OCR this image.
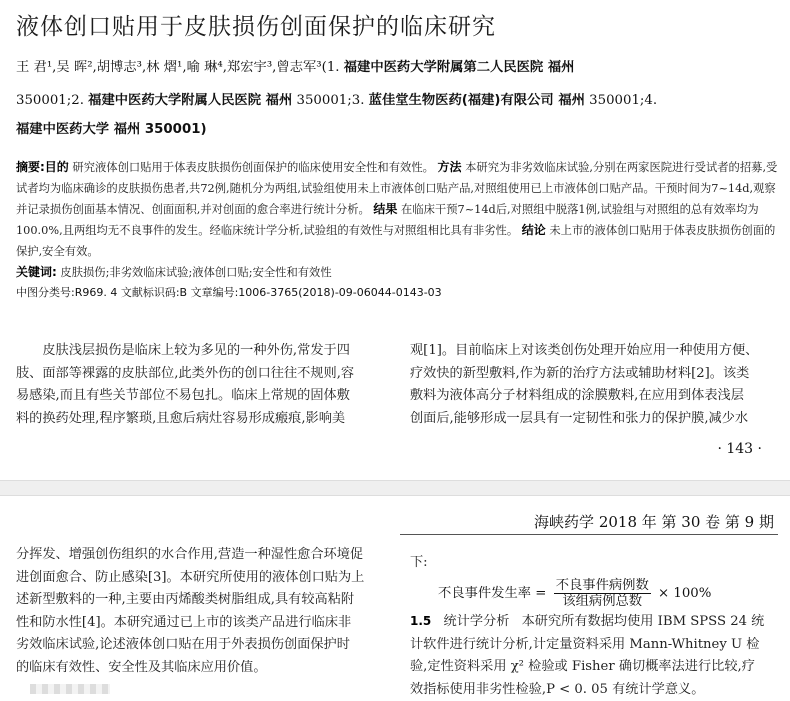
液体创口贴用于皮肤损伤创面保护的临床研究
王 君¹,吴 晖²,胡博志³,林 熠¹,喻 琳⁴,郑宏宇³,曾志军³(1. 福建中医药大学附属第二人民医院 福州
350001;2. 福建中医药大学附属人民医院 福州 350001;3. 蓝佳堂生物医药(福建)有限公司 福州 350001;4.
福建中医药大学 福州 350001)
摘要:目的 研究液体创口贴用于体表皮肤损伤创面保护的临床使用安全性和有效性。 方法 本研究为非劣效临床试验,分别在两家医院进行受试者的招募,受试者均为临床确诊的皮肤损伤患者,共72例,随机分为两组,试验组使用未上市液体创口贴产品,对照组使用已上市液体创口贴产品。干预时间为7~14d,观察并记录损伤创面基本情况、创面面积,并对创面的愈合率进行统计分析。 结果 在临床干预7~14d后,对照组中脱落1例,试验组与对照组的总有效率均为100.0%,且两组均无不良事件的发生。经临床统计学分析,试验组的有效性与对照组相比具有非劣性。 结论 未上市的液体创口贴用于体表皮肤损伤创面的保护,安全有效。
关键词: 皮肤损伤;非劣效临床试验;液体创口贴;安全性和有效性
中图分类号:R969. 4 文献标识码:B 文章编号:1006-3765(2018)-09-06044-0143-03
　　皮肤浅层损伤是临床上较为多见的一种外伤,常发于四
肢、面部等裸露的皮肤部位,此类外伤的创口往往不规则,容
易感染,而且有些关节部位不易包扎。临床上常规的固体敷
料的换药处理,程序繁琐,且愈后病灶容易形成瘢痕,影响美
观[1]。目前临床上对该类创伤处理开始应用一种使用方便、
疗效快的新型敷料,作为新的治疗方法或辅助材料[2]。该类
敷料为液体高分子材料组成的涂膜敷料,在应用到体表浅层
创面后,能够形成一层具有一定韧性和张力的保护膜,减少水
· 143 ·
海峡药学 2018 年 第 30 卷 第 9 期
分挥发、增强创伤组织的水合作用,营造一种湿性愈合环境促
进创面愈合、防止感染[3]。本研究所使用的液体创口贴为上
述新型敷料的一种,主要由丙烯酸类树脂组成,具有较高粘附
性和防水性[4]。本研究通过已上市的该类产品进行临床非
劣效临床试验,论述液体创口贴在用于外表损伤创面保护时
的临床有效性、安全性及其临床应用价值。
下:
不良事件发生率 = $\frac{\text{不良事件病例数}}{\text{该组病例总数}} \times 100\%$
1.5 统计学分析 本研究所有数据均使用 IBM SPSS 24 统
计软件进行统计分析,计定量资料采用 Mann-Whitney U 检
验,定性资料采用 χ² 检验或 Fisher 确切概率法进行比较,疗
效指标使用非劣性检验,P < 0. 05 有统计学意义。
